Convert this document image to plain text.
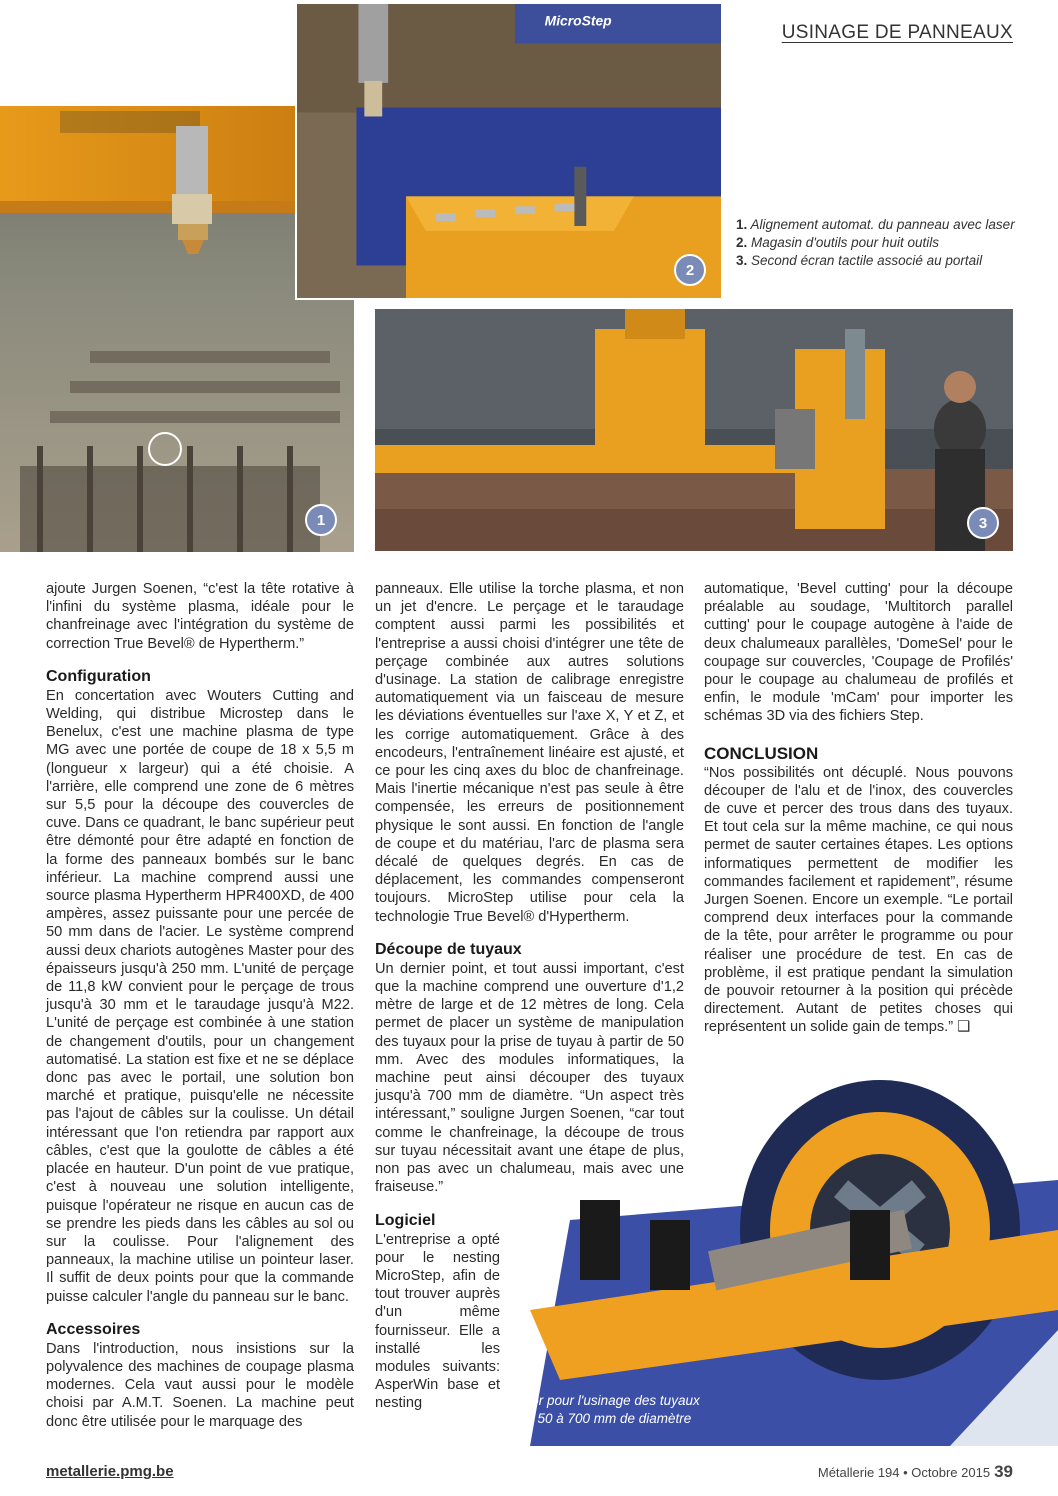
USINAGE DE PANNEAUX
1
MicroStep
2
1. Alignement automat. du panneau avec laser
2. Magasin d'outils pour huit outils
3. Second écran tactile associé au portail
3
Rotor pour l'usinage des tuyaux de 50 à 700 mm de diamètre

ajoute Jurgen Soenen, “c'est la tête rotative à l'infini du système plasma, idéale pour le chanfreinage avec l'intégration du système de correction True Bevel® de Hypertherm.”

Configuration

En concertation avec Wouters Cutting and Welding, qui distribue Microstep dans le Benelux, c'est une machine plasma de type MG avec une portée de coupe de 18 x 5,5 m (longueur x largeur) qui a été choisie. A l'arrière, elle comprend une zone de 6 mètres sur 5,5 pour la découpe des couvercles de cuve. Dans ce quadrant, le banc supérieur peut être démonté pour être adapté en fonction de la forme des panneaux bombés sur le banc inférieur. La machine comprend aussi une source plasma Hypertherm HPR400XD, de 400 ampères, assez puissante pour une percée de 50 mm dans de l'acier. Le système comprend aussi deux chariots autogènes Master pour des épaisseurs jusqu'à 250 mm. L'unité de perçage de 11,8 kW convient pour le perçage de trous jusqu'à 30 mm et le taraudage jusqu'à M22. L'unité de perçage est combinée à une station de changement d'outils, pour un changement automatisé. La station est fixe et ne se déplace donc pas avec le portail, une solution bon marché et pratique, puisqu'elle ne nécessite pas l'ajout de câbles sur la coulisse. Un détail intéressant que l'on retiendra par rapport aux câbles, c'est que la goulotte de câbles a été placée en hauteur. D'un point de vue pratique, c'est à nouveau une solution intelligente, puisque l'opérateur ne risque en aucun cas de se prendre les pieds dans les câbles au sol ou sur la coulisse. Pour l'alignement des panneaux, la machine utilise un pointeur laser. Il suffit de deux points pour que la commande puisse calculer l'angle du panneau sur le banc.

Accessoires

Dans l'introduction, nous insistions sur la polyvalence des machines de coupage plasma modernes. Cela vaut aussi pour le modèle choisi par A.M.T. Soenen. La machine peut donc être utilisée pour le marquage des

panneaux. Elle utilise la torche plasma, et non un jet d'encre. Le perçage et le taraudage comptent aussi parmi les possibilités et l'entreprise a aussi choisi d'intégrer une tête de perçage combinée aux autres solutions d'usinage. La station de calibrage enregistre automatiquement via un faisceau de mesure les déviations éventuelles sur l'axe X, Y et Z, et les corrige automatiquement. Grâce à des encodeurs, l'entraînement linéaire est ajusté, et ce pour les cinq axes du bloc de chanfreinage. Mais l'inertie mécanique n'est pas seule à être compensée, les erreurs de positionnement physique le sont aussi. En fonction de l'angle de coupe et du matériau, l'arc de plasma sera décalé de quelques degrés. En cas de déplacement, les commandes compenseront toujours. MicroStep utilise pour cela la technologie True Bevel® d'Hypertherm.

Découpe de tuyaux

Un dernier point, et tout aussi important, c'est que la machine comprend une ouverture d'1,2 mètre de large et de 12 mètres de long. Cela permet de placer un système de manipulation des tuyaux pour la prise de tuyau à partir de 50 mm. Avec des modules informatiques, la machine peut ainsi découper des tuyaux jusqu'à 700 mm de diamètre. “Un aspect très intéressant,” souligne Jurgen Soenen, “car tout comme le chanfreinage, la découpe de trous sur tuyau nécessitait avant une étape de plus, non pas avec un chalumeau, mais avec une fraiseuse.”

Logiciel

L'entreprise a opté pour le nesting MicroStep, afin de tout trouver auprès d'un même fournisseur. Elle a installé les modules suivants: AsperWin base et nesting

automatique, 'Bevel cutting' pour la découpe préalable au soudage, 'Multitorch parallel cutting' pour le coupage autogène à l'aide de deux chalumeaux parallèles, 'DomeSel' pour le coupage sur couvercles, 'Coupage de Profilés' pour le coupage au chalumeau de profilés et enfin, le module 'mCam' pour importer les schémas 3D via des fichiers Step.

CONCLUSION

“Nos possibilités ont décuplé. Nous pouvons découper de l'alu et de l'inox, des couvercles de cuve et percer des trous dans des tuyaux. Et tout cela sur la même machine, ce qui nous permet de sauter certaines étapes. Les options informatiques permettent de modifier les commandes facilement et rapidement”, résume Jurgen Soenen. Encore un exemple. “Le portail comprend deux interfaces pour la commande de la tête, pour arrêter le programme ou pour réaliser une procédure de test. En cas de problème, il est pratique pendant la simulation de pouvoir retourner à la position qui précède directement. Autant de petites choses qui représentent un solide gain de temps.” ❑

metallerie.pmg.be	Métallerie 194 • Octobre 2015 39
